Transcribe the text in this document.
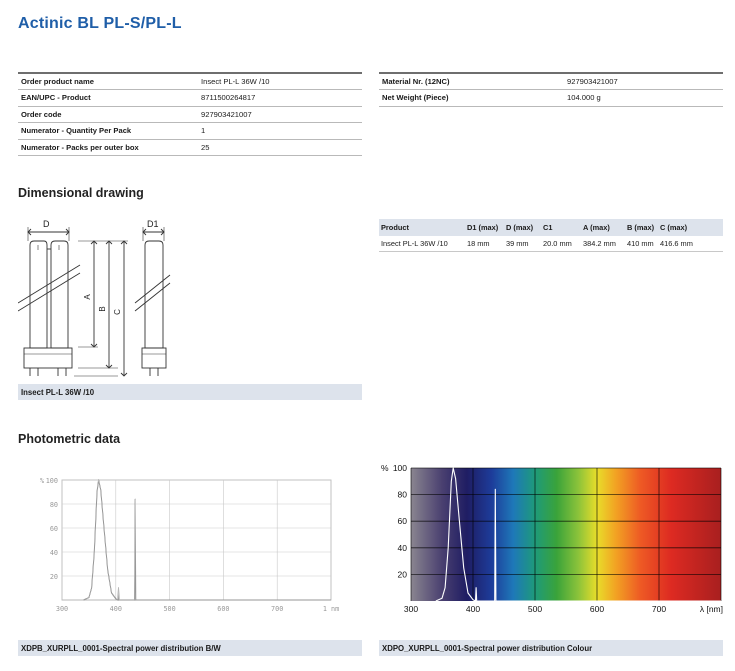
Actinic BL PL-S/PL-L
Order product name	Insect PL-L 36W /10
EAN/UPC - Product	8711500264817
Order code	927903421007
Numerator - Quantity Per Pack	1
Numerator - Packs per outer box	25
Material Nr. (12NC)	927903421007
Net Weight (Piece)	104.000 g
Dimensional drawing
D	D1
A
B
C
Insect PL-L 36W /10
Product	D1 (max)	D (max)	C1	A (max)	B (max)	C (max)
Insect PL-L 36W /10	18 mm	39 mm	20.0 mm	384.2 mm	410 mm	416.6 mm
Photometric data
20
40
60
80
100
%
300	400	500	600	700	1 nm
XDPB_XURPLL_0001-Spectral power distribution B/W
20
40
60
80
100
%
300	400	500	600	700	λ [nm]
XDPO_XURPLL_0001-Spectral power distribution Colour
